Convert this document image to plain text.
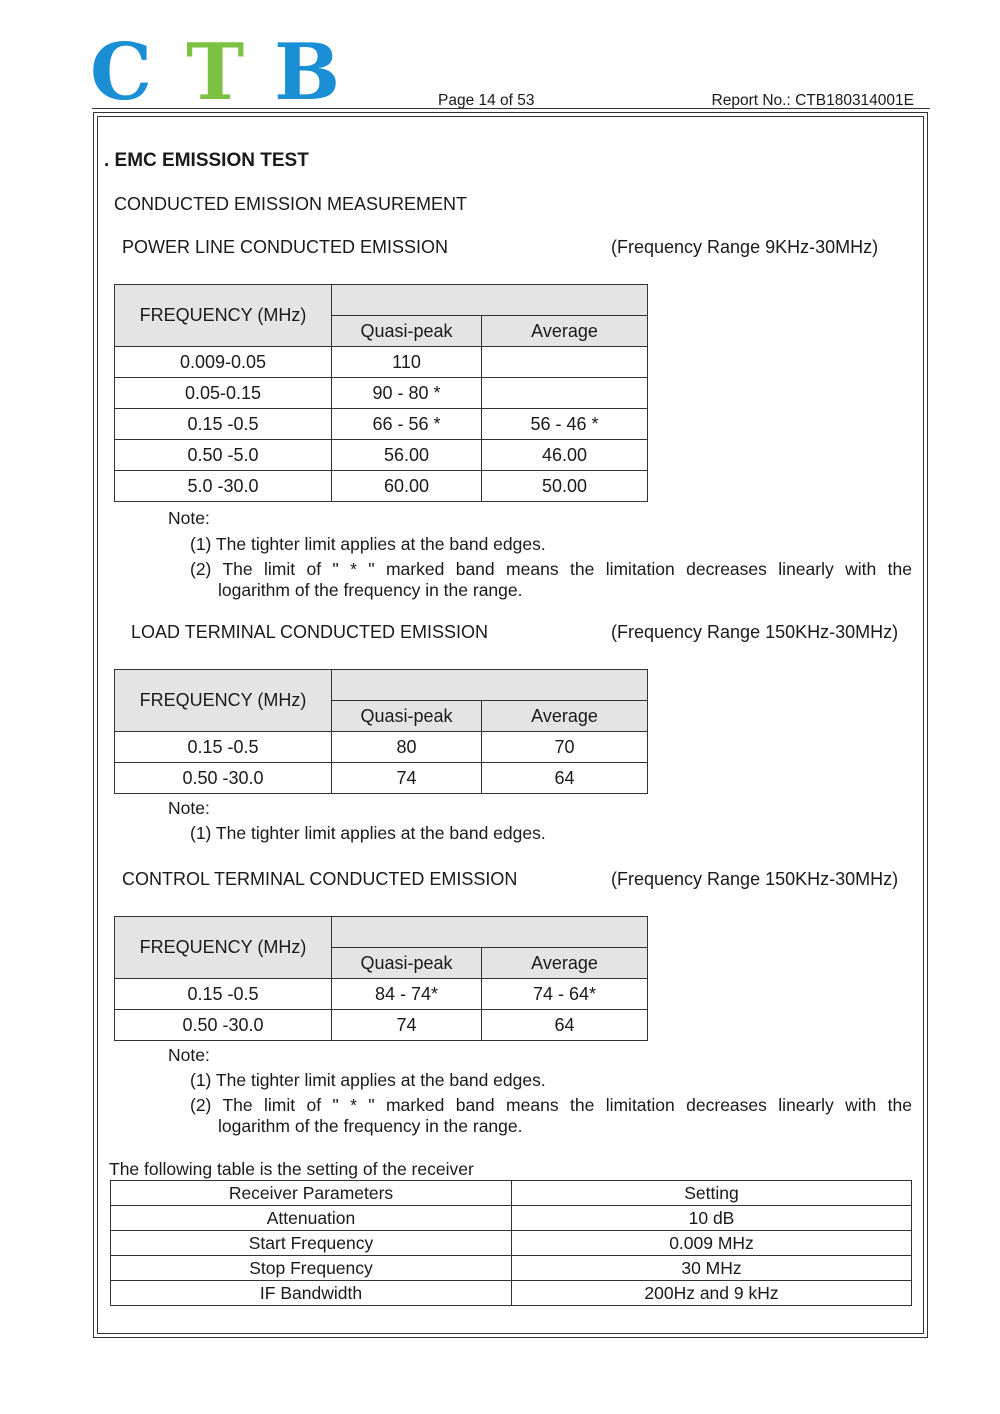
C T B	Page 14 of 53	Report No.: CTB180314001E
. EMC EMISSION TEST
CONDUCTED EMISSION MEASUREMENT
POWER LINE CONDUCTED EMISSION	(Frequency Range 9KHz-30MHz)
FREQUENCY (MHz)		
	Quasi-peak	Average
0.009-0.05	110	
0.05-0.15	90 - 80 *	
0.15 -0.5	66 - 56 *	56 - 46 *
0.50 -5.0	56.00	46.00
5.0 -30.0	60.00	50.00
Note:
(1) The tighter limit applies at the band edges.
(2) The limit of " * " marked band means the limitation decreases linearly with the
logarithm of the frequency in the range.
LOAD TERMINAL CONDUCTED EMISSION	(Frequency Range 150KHz-30MHz)
FREQUENCY (MHz)		
	Quasi-peak	Average
0.15 -0.5	80	70
0.50 -30.0	74	64
Note:
(1) The tighter limit applies at the band edges.
CONTROL TERMINAL CONDUCTED EMISSION	(Frequency Range 150KHz-30MHz)
FREQUENCY (MHz)		
	Quasi-peak	Average
0.15 -0.5	84 - 74*	74 - 64*
0.50 -30.0	74	64
Note:
(1) The tighter limit applies at the band edges.
(2) The limit of " * " marked band means the limitation decreases linearly with the
logarithm of the frequency in the range.
The following table is the setting of the receiver
Receiver Parameters	Setting
Attenuation	10 dB
Start Frequency	0.009 MHz
Stop Frequency	30 MHz
IF Bandwidth	200Hz and 9 kHz
